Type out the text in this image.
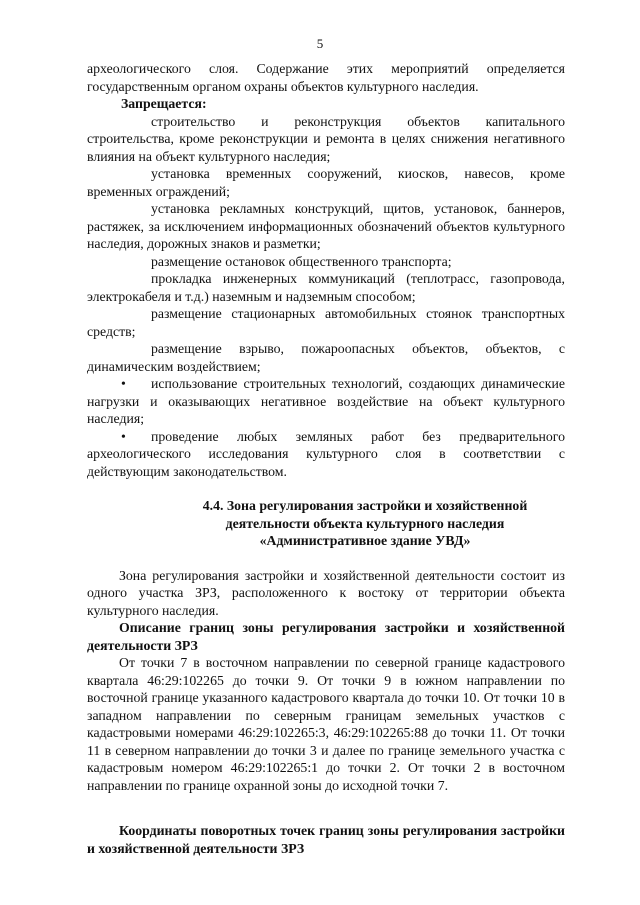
5

археологического слоя. Содержание этих мероприятий определяется государственным органом охраны объектов культурного наследия.

Запрещается:

строительство и реконструкция объектов капитального строительства, кроме реконструкции и ремонта в целях снижения негативного влияния на объект культурного наследия;

установка временных сооружений, киосков, навесов, кроме временных ограждений;

установка рекламных конструкций, щитов, установок, баннеров, растяжек, за исключением информационных обозначений объектов культурного наследия, дорожных знаков и разметки;

размещение остановок общественного транспорта;

прокладка инженерных коммуникаций (теплотрасс, газопровода, электрокабеля и т.д.) наземным и надземным способом;

размещение стационарных автомобильных стоянок транспортных средств;

размещение взрыво, пожароопасных объектов, объектов, с динамическим воздействием;

• использование строительных технологий, создающих динамические нагрузки и оказывающих негативное воздействие на объект культурного наследия;

• проведение любых земляных работ без предварительного археологического исследования культурного слоя в соответствии с действующим законодательством.

4.4. Зона регулирования застройки и хозяйственной
деятельности объекта культурного наследия
«Административное здание УВД»

Зона регулирования застройки и хозяйственной деятельности состоит из одного участка ЗРЗ, расположенного к востоку от территории объекта культурного наследия.

Описание границ зоны регулирования застройки и хозяйственной деятельности ЗРЗ

От точки 7 в восточном направлении по северной границе кадастрового квартала 46:29:102265 до точки 9. От точки 9 в южном направлении по восточной границе указанного кадастрового квартала до точки 10. От точки 10 в западном направлении по северным границам земельных участков с кадастровыми номерами 46:29:102265:3, 46:29:102265:88 до точки 11. От точки 11 в северном направлении до точки 3 и далее по границе земельного участка с кадастровым номером 46:29:102265:1 до точки 2. От точки 2 в восточном направлении по границе охранной зоны до исходной точки 7.

Координаты поворотных точек границ зоны регулирования застройки и хозяйственной деятельности ЗРЗ
